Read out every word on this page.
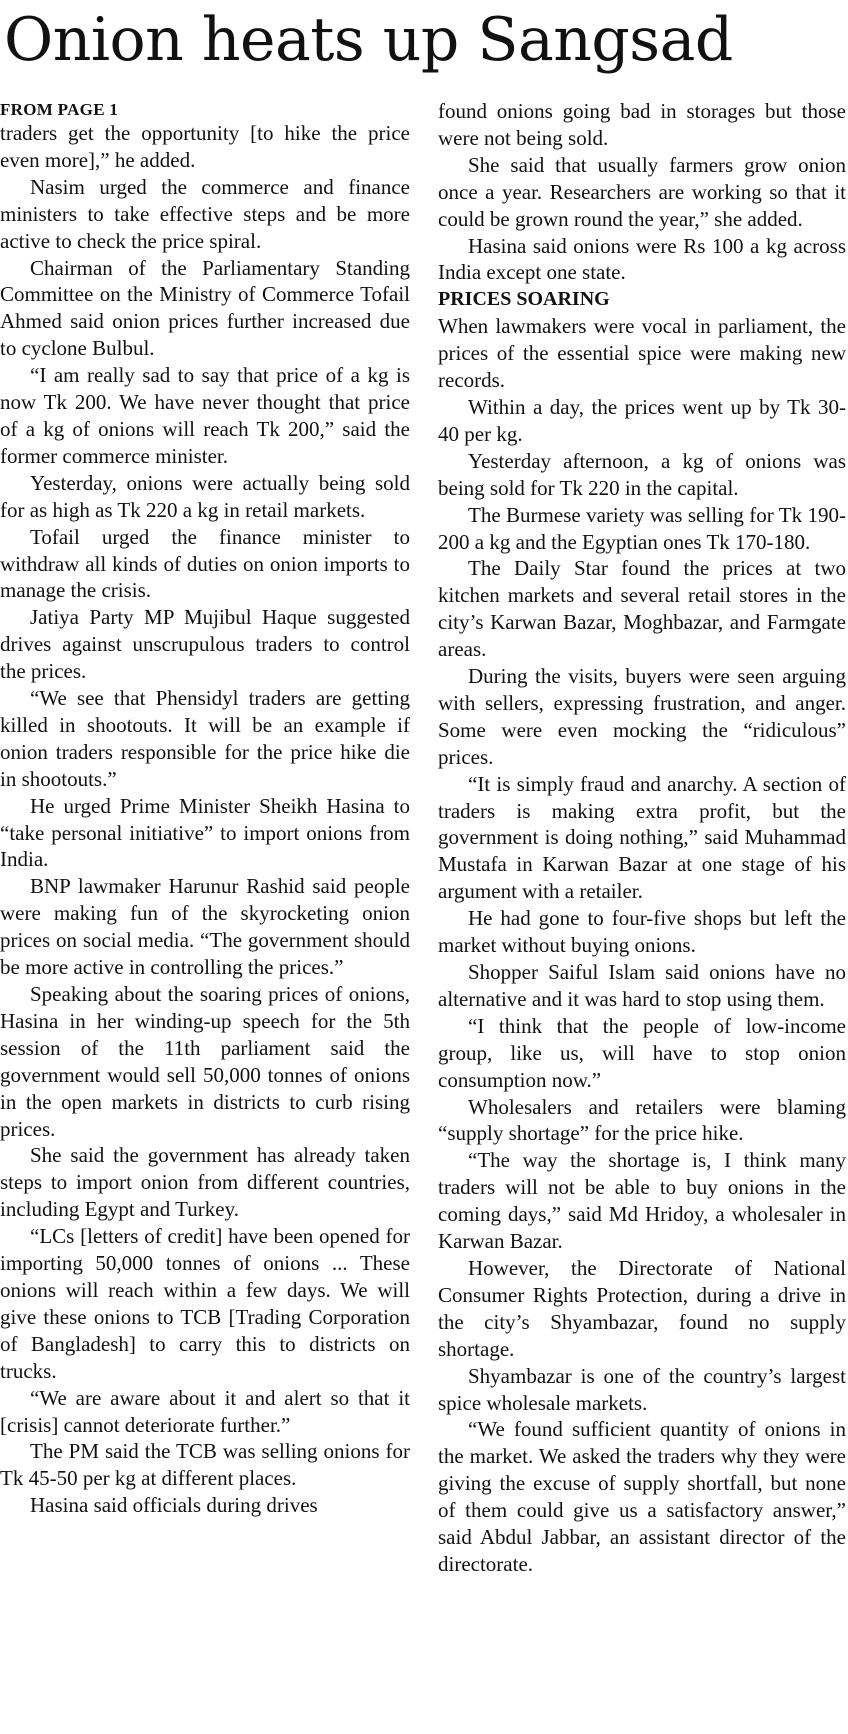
Onion heats up Sangsad

FROM PAGE 1

traders get the opportunity [to hike the price even more],” he added.

Nasim urged the commerce and finance ministers to take effective steps and be more active to check the price spiral.

Chairman of the Parliamentary Standing Committee on the Ministry of Commerce Tofail Ahmed said onion prices further increased due to cyclone Bulbul.

“I am really sad to say that price of a kg is now Tk 200. We have never thought that price of a kg of onions will reach Tk 200,” said the former commerce minister.

Yesterday, onions were actually being sold for as high as Tk 220 a kg in retail markets.

Tofail urged the finance minister to withdraw all kinds of duties on onion imports to manage the crisis.

Jatiya Party MP Mujibul Haque suggested drives against unscrupulous traders to control the prices.

“We see that Phensidyl traders are getting killed in shootouts. It will be an example if onion traders responsible for the price hike die in shootouts.”

He urged Prime Minister Sheikh Hasina to “take personal initiative” to import onions from India.

BNP lawmaker Harunur Rashid said people were making fun of the skyrocketing onion prices on social media. “The government should be more active in controlling the prices.”

Speaking about the soaring prices of onions, Hasina in her winding-up speech for the 5th session of the 11th parliament said the government would sell 50,000 tonnes of onions in the open markets in districts to curb rising prices.

She said the government has already taken steps to import onion from different countries, including Egypt and Turkey.

“LCs [letters of credit] have been opened for importing 50,000 tonnes of onions ... These onions will reach within a few days. We will give these onions to TCB [Trading Corporation of Bangladesh] to carry this to districts on trucks.

“We are aware about it and alert so that it [crisis] cannot deteriorate further.”

The PM said the TCB was selling onions for Tk 45-50 per kg at different places.

Hasina said officials during drives

found onions going bad in storages but those were not being sold.

She said that usually farmers grow onion once a year. Researchers are working so that it could be grown round the year,” she added.

Hasina said onions were Rs 100 a kg across India except one state.

PRICES SOARING

When lawmakers were vocal in parliament, the prices of the essential spice were making new records.

Within a day, the prices went up by Tk 30-40 per kg.

Yesterday afternoon, a kg of onions was being sold for Tk 220 in the capital.

The Burmese variety was selling for Tk 190-200 a kg and the Egyptian ones Tk 170-180.

The Daily Star found the prices at two kitchen markets and several retail stores in the city’s Karwan Bazar, Moghbazar, and Farmgate areas.

During the visits, buyers were seen arguing with sellers, expressing frustration, and anger. Some were even mocking the “ridiculous” prices.

“It is simply fraud and anarchy. A section of traders is making extra profit, but the government is doing nothing,” said Muhammad Mustafa in Karwan Bazar at one stage of his argument with a retailer.

He had gone to four-five shops but left the market without buying onions.

Shopper Saiful Islam said onions have no alternative and it was hard to stop using them.

“I think that the people of low-income group, like us, will have to stop onion consumption now.”

Wholesalers and retailers were blaming “supply shortage” for the price hike.

“The way the shortage is, I think many traders will not be able to buy onions in the coming days,” said Md Hridoy, a wholesaler in Karwan Bazar.

However, the Directorate of National Consumer Rights Protection, during a drive in the city’s Shyambazar, found no supply shortage.

Shyambazar is one of the country’s largest spice wholesale markets.

“We found sufficient quantity of onions in the market. We asked the traders why they were giving the excuse of supply shortfall, but none of them could give us a satisfactory answer,” said Abdul Jabbar, an assistant director of the directorate.
